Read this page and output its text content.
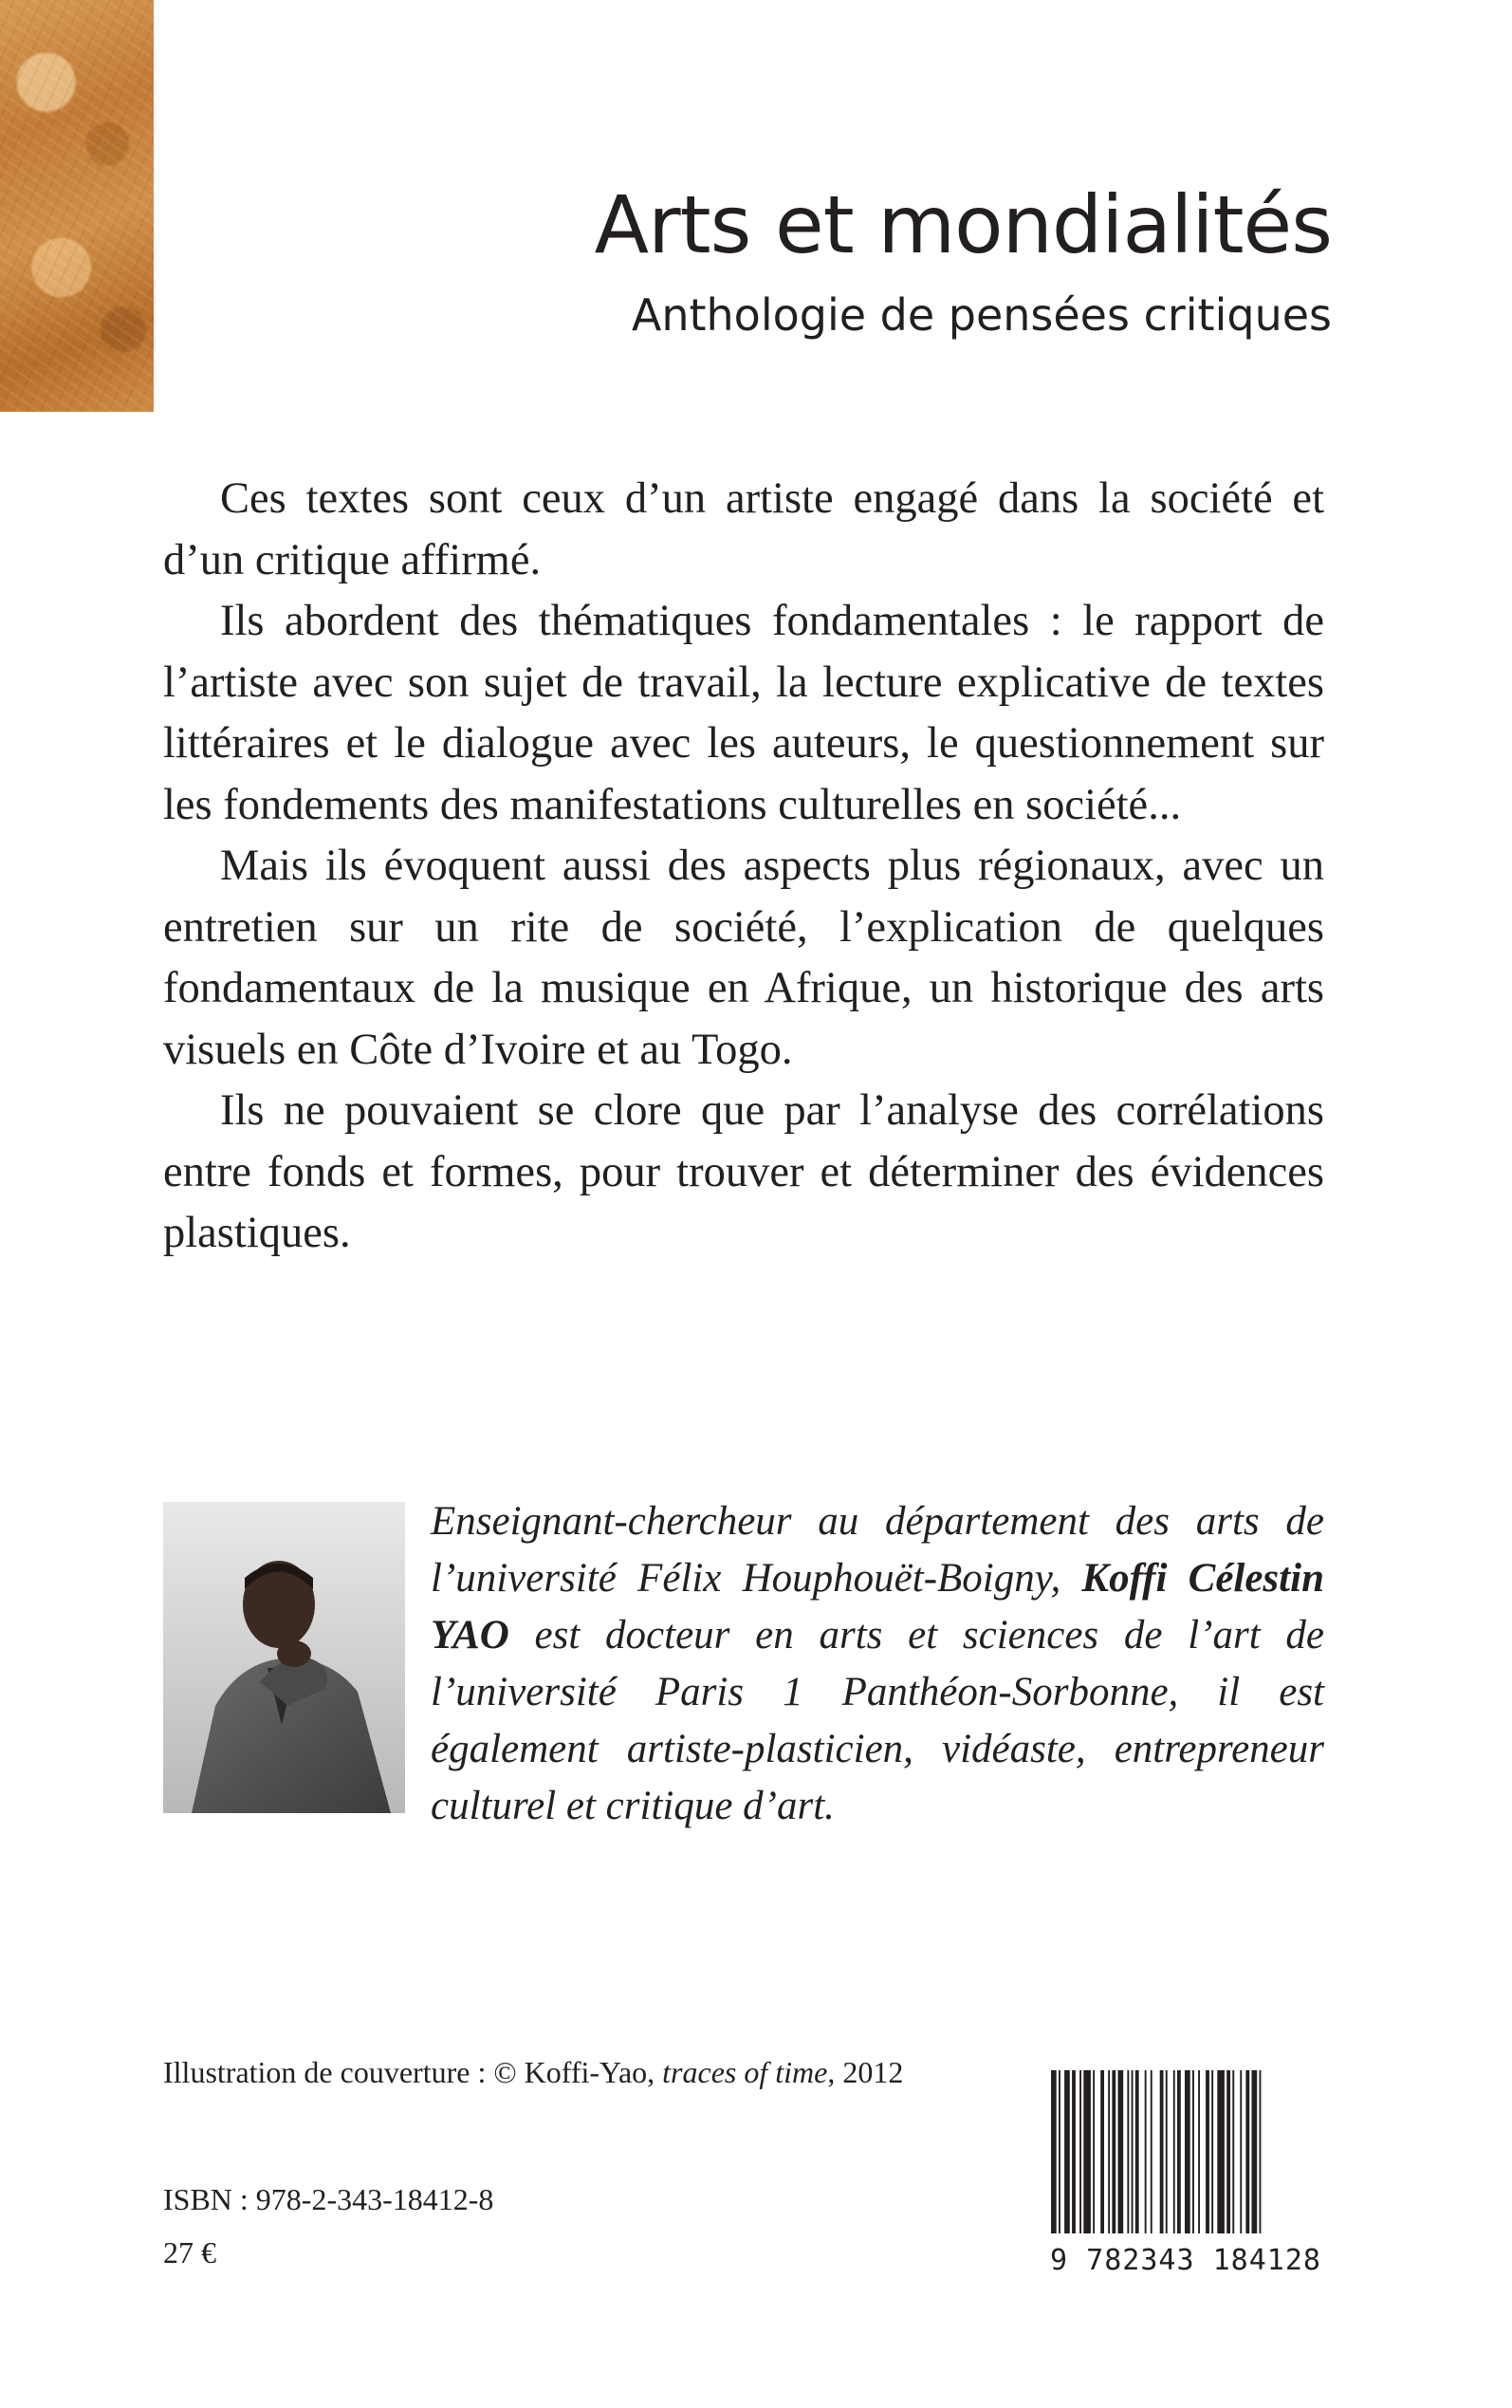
Arts et mondialités
Anthologie de pensées critiques

Ces textes sont ceux d’un artiste engagé dans la société et d’un critique affirmé.

Ils abordent des thématiques fondamentales : le rapport de l’artiste avec son sujet de travail, la lecture explicative de textes littéraires et le dialogue avec les auteurs, le questionnement sur les fondements des manifestations culturelles en société...

Mais ils évoquent aussi des aspects plus régionaux, avec un entretien sur un rite de société, l’explication de quelques fondamentaux de la musique en Afrique, un historique des arts visuels en Côte d’Ivoire et au Togo.

Ils ne pouvaient se clore que par l’analyse des corrélations entre fonds et formes, pour trouver et déterminer des évidences plastiques.

Enseignant-chercheur au département des arts de l’université Félix Houphouët-Boigny, Koffi Célestin YAO est docteur en arts et sciences de l’art de l’université Paris 1 Panthéon-Sorbonne, il est également artiste-plasticien, vidéaste, entrepreneur culturel et critique d’art.
Illustration de couverture : © Koffi-Yao, traces of time, 2012
ISBN : 978-2-343-18412-8
27 €	9 782343 184128
